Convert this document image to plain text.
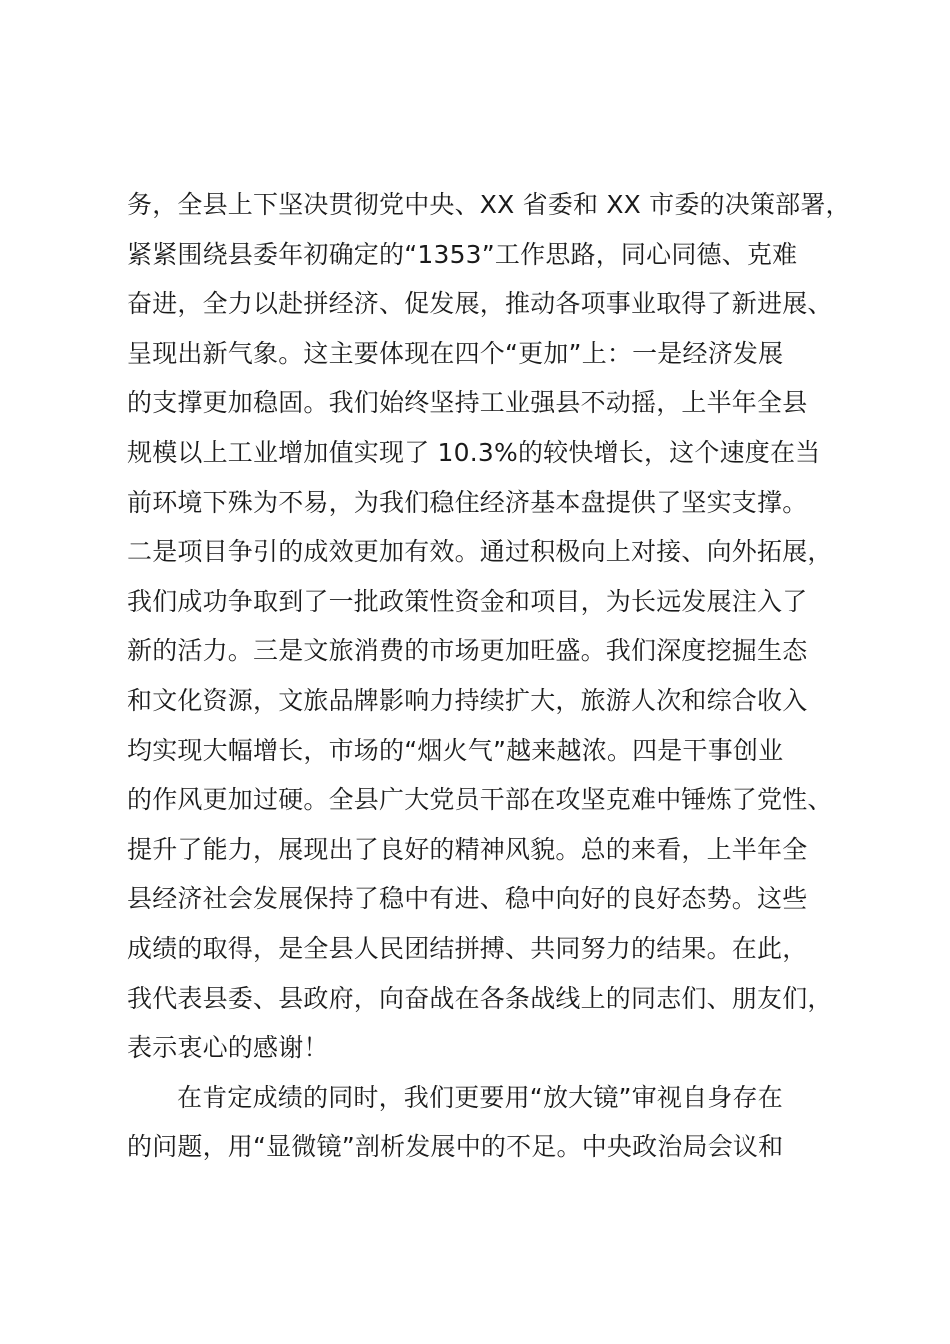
务，全县上下坚决贯彻党中央、XX 省委和 XX 市委的决策部署，
紧紧围绕县委年初确定的“1353”工作思路，同心同德、克难
奋进，全力以赴拼经济、促发展，推动各项事业取得了新进展、
呈现出新气象。这主要体现在四个“更加”上：一是经济发展
的支撑更加稳固。我们始终坚持工业强县不动摇，上半年全县
规模以上工业增加值实现了 10.3%的较快增长，这个速度在当
前环境下殊为不易，为我们稳住经济基本盘提供了坚实支撑。
二是项目争引的成效更加有效。通过积极向上对接、向外拓展，
我们成功争取到了一批政策性资金和项目，为长远发展注入了
新的活力。三是文旅消费的市场更加旺盛。我们深度挖掘生态
和文化资源，文旅品牌影响力持续扩大，旅游人次和综合收入
均实现大幅增长，市场的“烟火气”越来越浓。四是干事创业
的作风更加过硬。全县广大党员干部在攻坚克难中锤炼了党性、
提升了能力，展现出了良好的精神风貌。总的来看，上半年全
县经济社会发展保持了稳中有进、稳中向好的良好态势。这些
成绩的取得，是全县人民团结拼搏、共同努力的结果。在此，
我代表县委、县政府，向奋战在各条战线上的同志们、朋友们，
表示衷心的感谢！
在肯定成绩的同时，我们更要用“放大镜”审视自身存在
的问题，用“显微镜”剖析发展中的不足。中央政治局会议和
